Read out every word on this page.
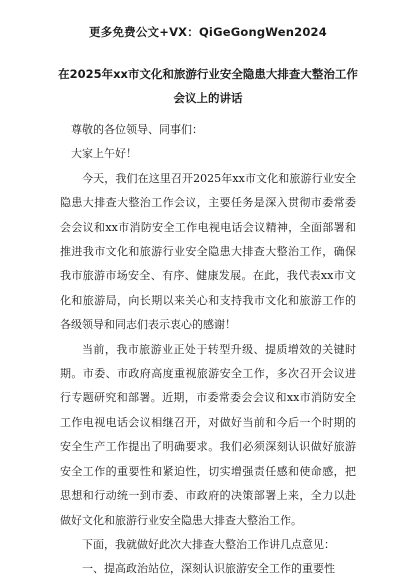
更多免费公文+VX：QiGeGongWen2024
在2025年xx市文化和旅游行业安全隐患大排查大整治工作
会议上的讲话

尊敬的各位领导、同事们：

大家上午好！

今天，我们在这里召开2025年xx市文化和旅游行业安全隐患大排查大整治工作会议，主要任务是深入贯彻市委常委会会议和xx市消防安全工作电视电话会议精神，全面部署和推进我市文化和旅游行业安全隐患大排查大整治工作，确保我市旅游市场安全、有序、健康发展。在此，我代表xx市文化和旅游局，向长期以来关心和支持我市文化和旅游工作的各级领导和同志们表示衷心的感谢！

当前，我市旅游业正处于转型升级、提质增效的关键时期。市委、市政府高度重视旅游安全工作，多次召开会议进行专题研究和部署。近期，市委常委会会议和xx市消防安全工作电视电话会议相继召开，对做好当前和今后一个时期的安全生产工作提出了明确要求。我们必须深刻认识做好旅游安全工作的重要性和紧迫性，切实增强责任感和使命感，把思想和行动统一到市委、市政府的决策部署上来，全力以赴做好文化和旅游行业安全隐患大排查大整治工作。

下面，我就做好此次大排查大整治工作讲几点意见：

一、提高政治站位，深刻认识旅游安全工作的重要性
